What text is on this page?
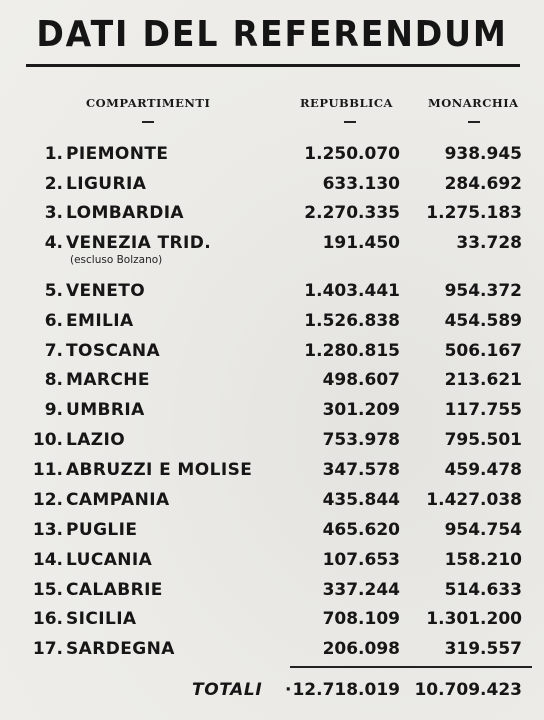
DATI DEL REFERENDUM
COMPARTIMENTI	REPUBBLICA	MONARCHIA
1. PIEMONTE	1.250.070	938.945
2. LIGURIA	633.130	284.692
3. LOMBARDIA	2.270.335 1.275.183
4. VENEZIA TRID.
(escluso Bolzano)
191.450	33.728
5. VENETO	1.403.441	954.372
6. EMILIA	1.526.838	454.589
7. TOSCANA	1.280.815	506.167
8. MARCHE	498.607	213.621
9. UMBRIA	301.209	117.755
10. LAZIO	753.978	795.501
11. ABRUZZI E MOLISE	347.578	459.478
12. CAMPANIA	435.844 1.427.038
13. PUGLIE	465.620	954.754
14. LUCANIA	107.653	158.210
15. CALABRIE	337.244	514.633
16. SICILIA	708.109 1.301.200
17. SARDEGNA	206.098	319.557
TOTALI · 12.718.019 10.709.423
